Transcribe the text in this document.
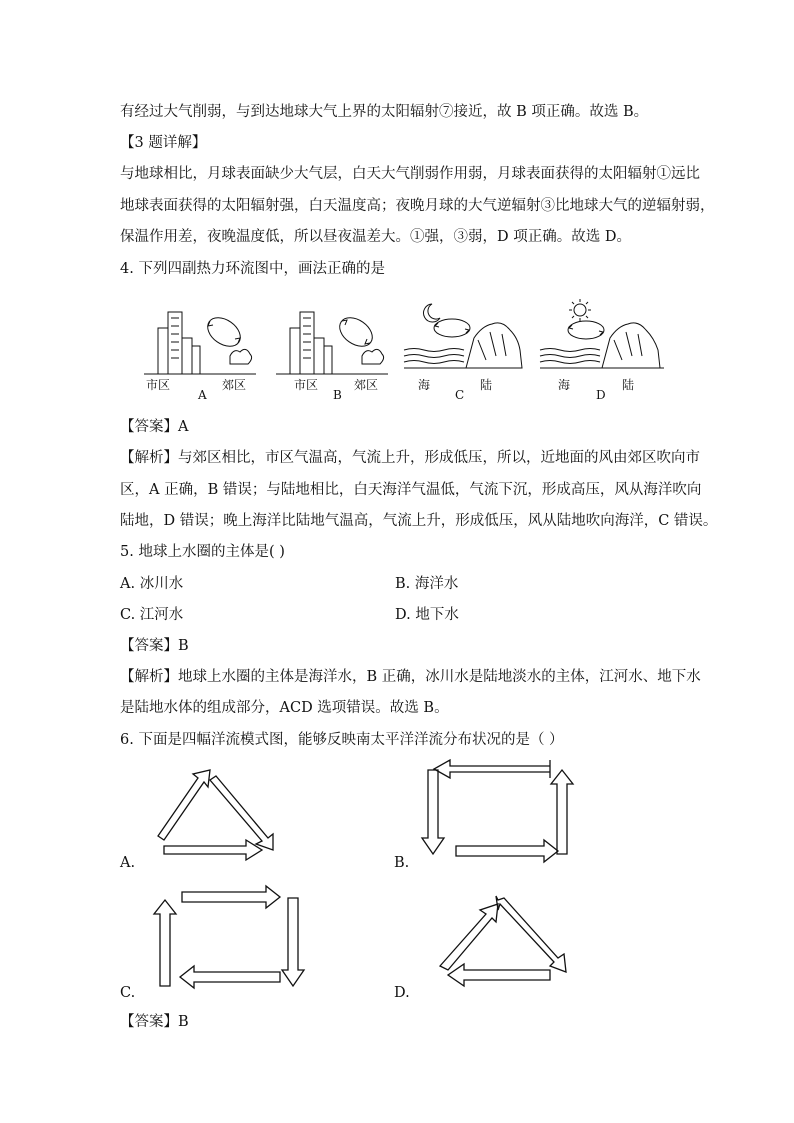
有经过大气削弱，与到达地球大气上界的太阳辐射⑦接近，故 B 项正确。故选 B。
【3 题详解】
与地球相比，月球表面缺少大气层，白天大气削弱作用弱，月球表面获得的太阳辐射①远比
地球表面获得的太阳辐射强，白天温度高；夜晚月球的大气逆辐射③比地球大气的逆辐射弱，
保温作用差，夜晚温度低，所以昼夜温差大。①强，③弱，D 项正确。故选 D。
4. 下列四副热力环流图中，画法正确的是
市区	郊区
A
市区	郊区
B
海	陆
C
海	陆
D
【答案】A
【解析】与郊区相比，市区气温高，气流上升，形成低压，所以，近地面的风由郊区吹向市
区，A 正确，B 错误；与陆地相比，白天海洋气温低，气流下沉，形成高压，风从海洋吹向
陆地，D 错误；晚上海洋比陆地气温高，气流上升，形成低压，风从陆地吹向海洋，C 错误。
5. 地球上水圈的主体是( )
A. 冰川水	B. 海洋水
C. 江河水	D. 地下水
【答案】B
【解析】地球上水圈的主体是海洋水，B 正确，冰川水是陆地淡水的主体，江河水、地下水
是陆地水体的组成部分，ACD 选项错误。故选 B。
6. 下面是四幅洋流模式图，能够反映南太平洋洋流分布状况的是（ ）
A.	B.
C.	D.
【答案】B
